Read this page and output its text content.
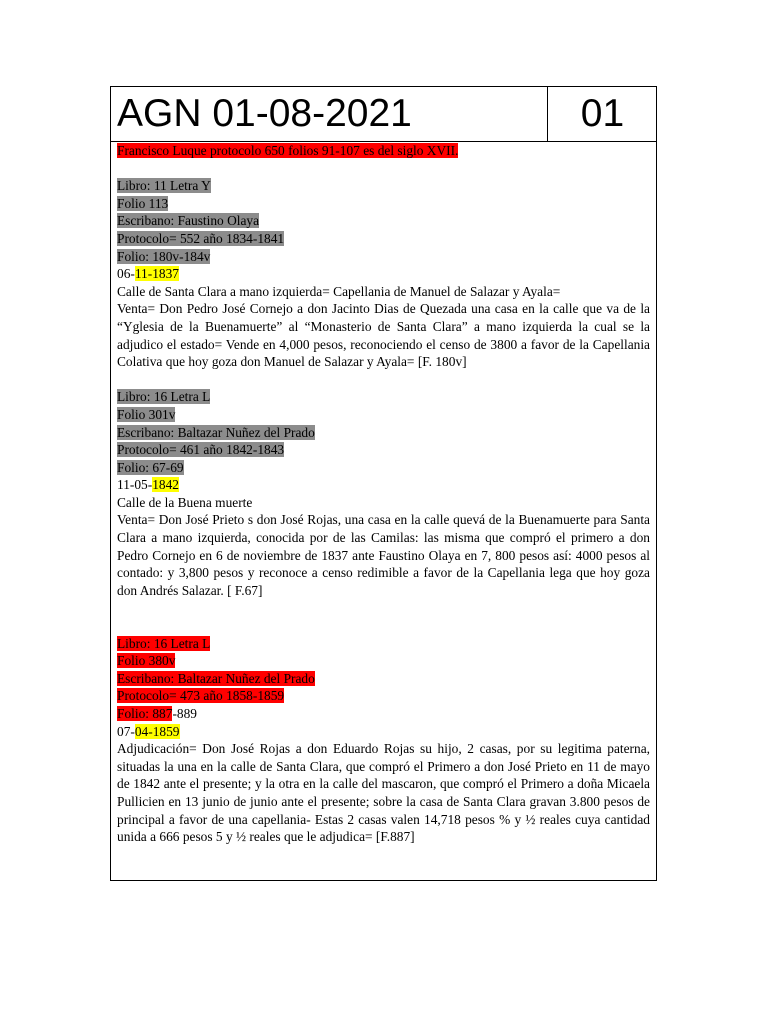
AGN 01-08-2021	01
Francisco Luque protocolo 650 folios 91-107 es del siglo XVII.
Libro: 11 Letra Y
Folio 113
Escribano: Faustino Olaya
Protocolo= 552 año 1834-1841
Folio: 180v-184v
06-11-1837
Calle de Santa Clara a mano izquierda= Capellania de Manuel de Salazar y Ayala=
Venta= Don Pedro José Cornejo a don Jacinto Dias de Quezada una casa en la calle que va de la “Yglesia de la Buenamuerte” al “Monasterio de Santa Clara” a mano izquierda la cual se la adjudico el estado= Vende en 4,000 pesos, reconociendo el censo de 3800 a favor de la Capellania Colativa que hoy goza don Manuel de Salazar y Ayala= [F. 180v]
Libro: 16 Letra L
Folio 301v
Escribano: Baltazar Nuñez del Prado
Protocolo= 461 año 1842-1843
Folio: 67-69
11-05-1842
Calle de la Buena muerte
Venta= Don José Prieto s don José Rojas, una casa en la calle quevá de la Buenamuerte para Santa Clara a mano izquierda, conocida por de las Camilas: las misma que compró el primero a don Pedro Cornejo en 6 de noviembre de 1837 ante Faustino Olaya en 7, 800 pesos así: 4000 pesos al contado: y 3,800 pesos y reconoce a censo redimible a favor de la Capellania lega que hoy goza don Andrés Salazar. [ F.67]
Libro: 16 Letra L
Folio 380v
Escribano: Baltazar Nuñez del Prado
Protocolo= 473 año 1858-1859
Folio: 887-889
07-04-1859
Adjudicación= Don José Rojas a don Eduardo Rojas su hijo, 2 casas, por su legitima paterna, situadas la una en la calle de Santa Clara, que compró el Primero a don José Prieto en 11 de mayo de 1842 ante el presente; y la otra en la calle del mascaron, que compró el Primero a doña Micaela Pullicien en 13 junio de junio ante el presente; sobre la casa de Santa Clara gravan 3.800 pesos de principal a favor de una capellania- Estas 2 casas valen 14,718 pesos % y ½ reales cuya cantidad unida a 666 pesos 5 y ½ reales que le adjudica= [F.887]
